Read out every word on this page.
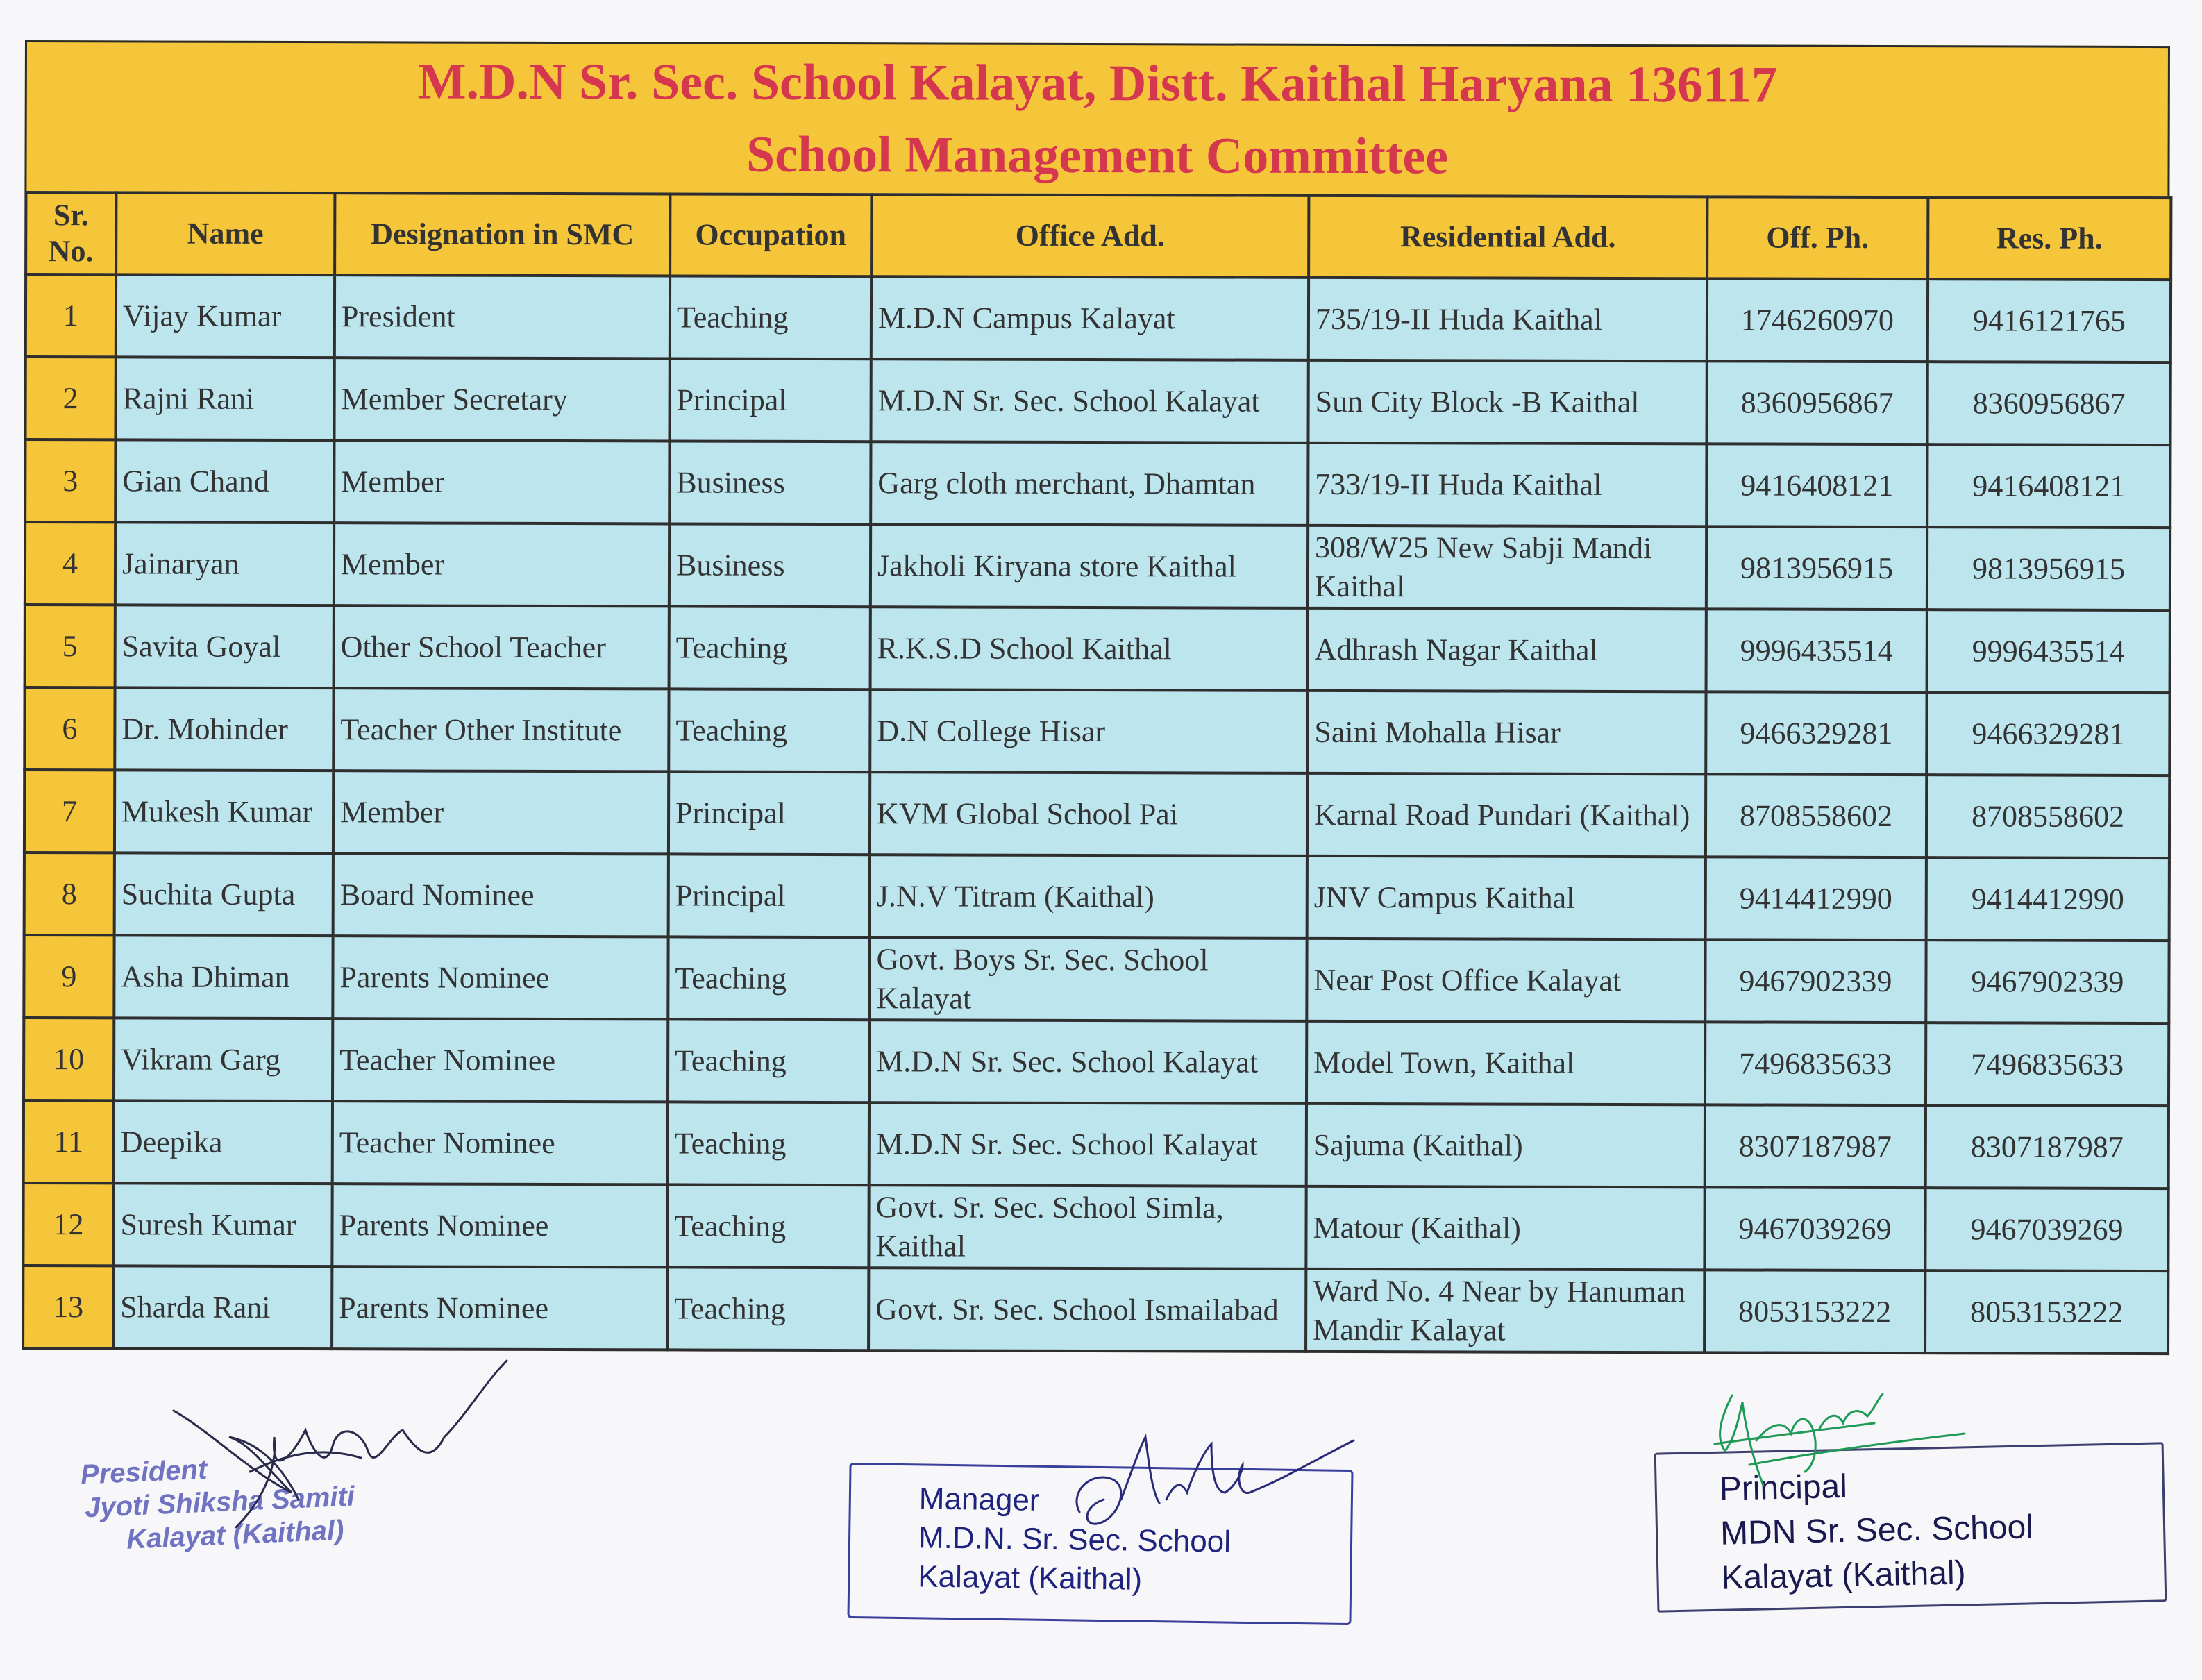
M.D.N Sr. Sec. School Kalayat, Distt. Kaithal Haryana 136117
School Management Committee
Sr. No.	Name	Designation in SMC	Occupation	Office Add.	Residential Add.	Off. Ph.	Res. Ph.
1	Vijay Kumar	President	Teaching	M.D.N Campus Kalayat	735/19-II Huda Kaithal	1746260970	9416121765
2	Rajni Rani	Member Secretary	Principal	M.D.N Sr. Sec. School Kalayat	Sun City Block -B Kaithal	8360956867	8360956867
3	Gian Chand	Member	Business	Garg cloth merchant, Dhamtan	733/19-II Huda Kaithal	9416408121	9416408121
4	Jainaryan	Member	Business	Jakholi Kiryana store Kaithal	308/W25 New Sabji Mandi Kaithal	9813956915	9813956915
5	Savita Goyal	Other School Teacher	Teaching	R.K.S.D School Kaithal	Adhrash Nagar Kaithal	9996435514	9996435514
6	Dr. Mohinder	Teacher Other Institute	Teaching	D.N College Hisar	Saini Mohalla Hisar	9466329281	9466329281
7	Mukesh Kumar	Member	Principal	KVM Global School Pai	Karnal Road Pundari (Kaithal)	8708558602	8708558602
8	Suchita Gupta	Board Nominee	Principal	J.N.V Titram (Kaithal)	JNV Campus Kaithal	9414412990	9414412990
9	Asha Dhiman	Parents Nominee	Teaching	Govt. Boys Sr. Sec. School Kalayat	Near Post Office Kalayat	9467902339	9467902339
10	Vikram Garg	Teacher Nominee	Teaching	M.D.N Sr. Sec. School Kalayat	Model Town, Kaithal	7496835633	7496835633
11	Deepika	Teacher Nominee	Teaching	M.D.N Sr. Sec. School Kalayat	Sajuma (Kaithal)	8307187987	8307187987
12	Suresh Kumar	Parents Nominee	Teaching	Govt. Sr. Sec. School Simla, Kaithal	Matour (Kaithal)	9467039269	9467039269
13	Sharda Rani	Parents Nominee	Teaching	Govt. Sr. Sec. School Ismailabad	Ward No. 4 Near by Hanuman Mandir Kalayat	8053153222	8053153222
President
Jyoti Shiksha Samiti
Kalayat (Kaithal)
Manager
M.D.N. Sr. Sec. School
Kalayat (Kaithal)
Principal
MDN Sr. Sec. School
Kalayat (Kaithal)
